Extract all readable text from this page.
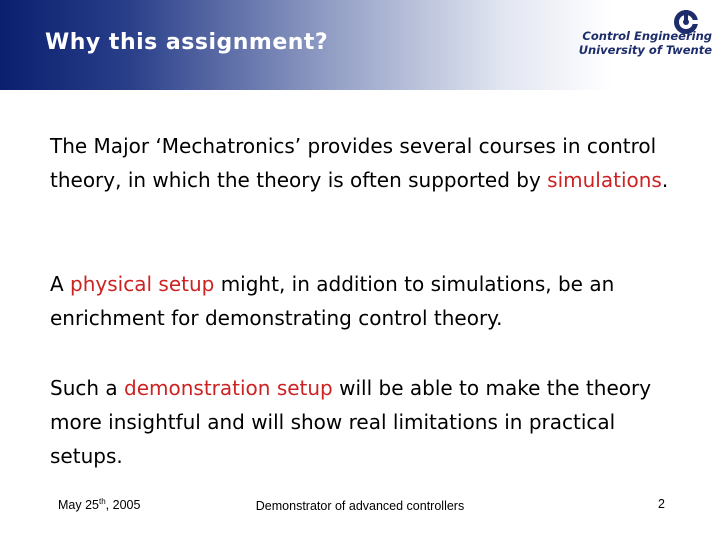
Why this assignment?	Control Engineering
University of Twente
The Major ‘Mechatronics’ provides several courses in control theory, in which the theory is often supported by simulations.
A physical setup might, in addition to simulations, be an enrichment for demonstrating control theory.
Such a demonstration setup will be able to make the theory more insightful and will show real limitations in practical setups.
May 25th, 2005	Demonstrator of advanced controllers	2
